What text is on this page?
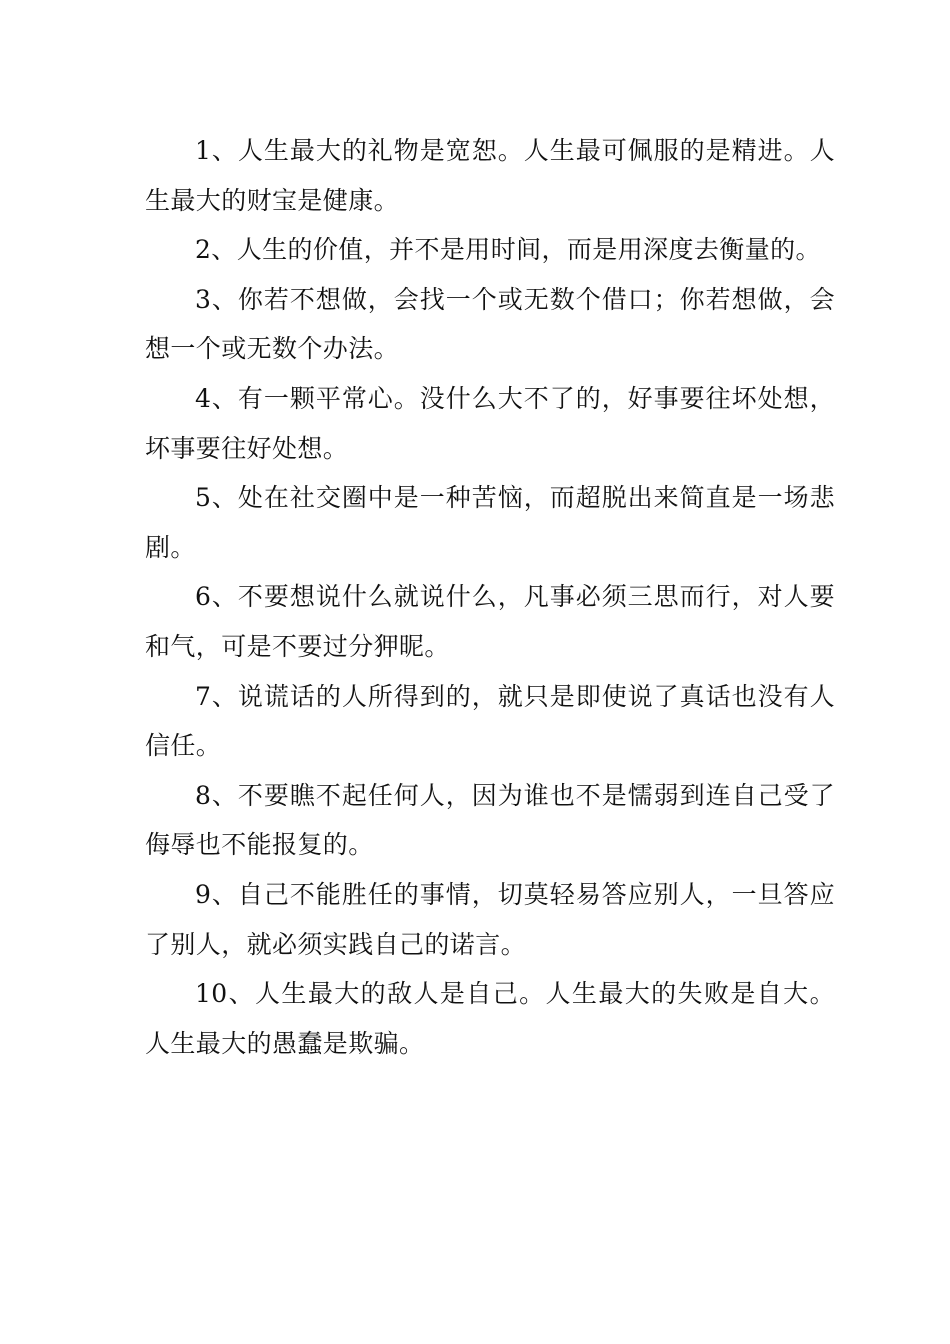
1、人生最大的礼物是宽恕。人生最可佩服的是精进。人生最大的财宝是健康。

2、人生的价值，并不是用时间，而是用深度去衡量的。

3、你若不想做，会找一个或无数个借口；你若想做，会想一个或无数个办法。

4、有一颗平常心。没什么大不了的，好事要往坏处想，坏事要往好处想。

5、处在社交圈中是一种苦恼，而超脱出来简直是一场悲剧。

6、不要想说什么就说什么，凡事必须三思而行，对人要和气，可是不要过分狎昵。

7、说谎话的人所得到的，就只是即使说了真话也没有人信任。

8、不要瞧不起任何人，因为谁也不是懦弱到连自己受了侮辱也不能报复的。

9、自己不能胜任的事情，切莫轻易答应别人，一旦答应了别人，就必须实践自己的诺言。

10、人生最大的敌人是自己。人生最大的失败是自大。人生最大的愚蠢是欺骗。
